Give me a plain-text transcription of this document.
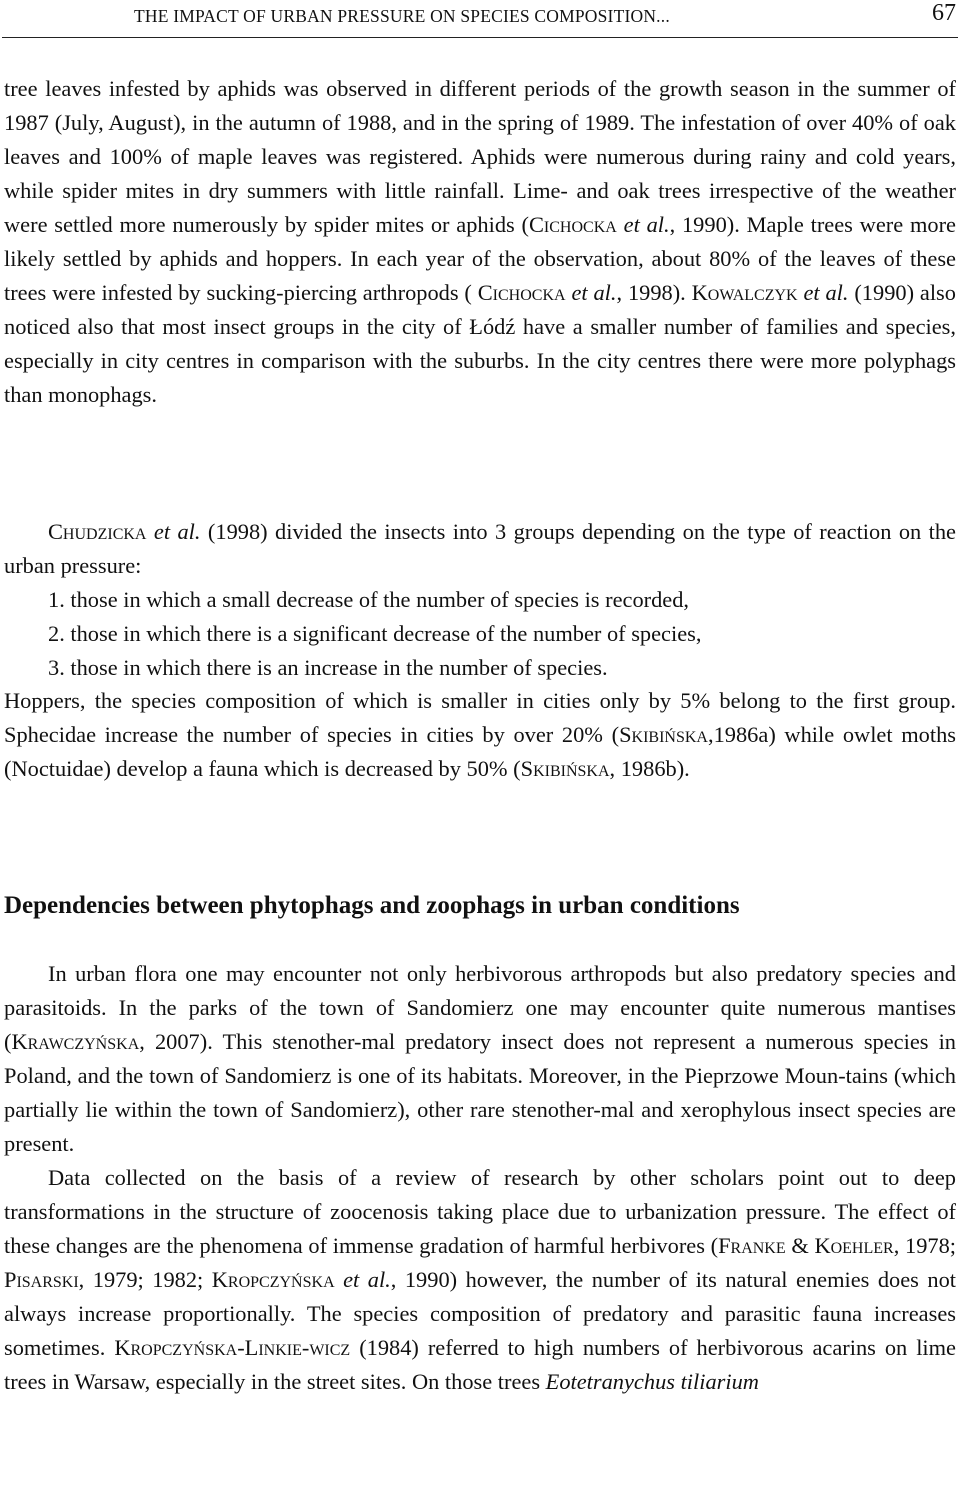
THE IMPACT OF URBAN PRESSURE ON SPECIES COMPOSITION...	67

tree leaves infested by aphids was observed in different periods of the growth season in the summer of 1987 (July, August), in the autumn of 1988, and in the spring of 1989. The infestation of over 40% of oak leaves and 100% of maple leaves was registered. Aphids were numerous during rainy and cold years, while spider mites in dry summers with little rainfall. Lime- and oak trees irrespective of the weather were settled more numerously by spider mites or aphids (Cichocka et al., 1990). Maple trees were more likely settled by aphids and hoppers. In each year of the observation, about 80% of the leaves of these trees were infested by sucking-piercing arthropods ( Cichocka et al., 1998). Kowalczyk et al. (1990) also noticed also that most insect groups in the city of Łódź have a smaller number of families and species, especially in city centres in comparison with the suburbs. In the city centres there were more polyphags than monophags.

Chudzicka et al. (1998) divided the insects into 3 groups depending on the type of reaction on the urban pressure:

1. those in which a small decrease of the number of species is recorded,
2. those in which there is a significant decrease of the number of species,
3. those in which there is an increase in the number of species.

Hoppers, the species composition of which is smaller in cities only by 5% belong to the first group. Sphecidae increase the number of species in cities by over 20% (Skibińska,1986a) while owlet moths (Noctuidae) develop a fauna which is decreased by 50% (Skibińska, 1986b).

Dependencies between phytophags and zoophags in urban conditions

In urban flora one may encounter not only herbivorous arthropods but also predatory species and parasitoids. In the parks of the town of Sandomierz one may encounter quite numerous mantises (Krawczyńska, 2007). This stenother-mal predatory insect does not represent a numerous species in Poland, and the town of Sandomierz is one of its habitats. Moreover, in the Pieprzowe Moun-tains (which partially lie within the town of Sandomierz), other rare stenother-mal and xerophylous insect species are present.

Data collected on the basis of a review of research by other scholars point out to deep transformations in the structure of zoocenosis taking place due to urbanization pressure. The effect of these changes are the phenomena of immense gradation of harmful herbivores (Franke & Koehler, 1978; Pisarski, 1979; 1982; Kropczyńska et al., 1990) however, the number of its natural enemies does not always increase proportionally. The species composition of predatory and parasitic fauna increases sometimes. Kropczyńska-Linkie-wicz (1984) referred to high numbers of herbivorous acarins on lime trees in Warsaw, especially in the street sites. On those trees Eotetranychus tiliarium
